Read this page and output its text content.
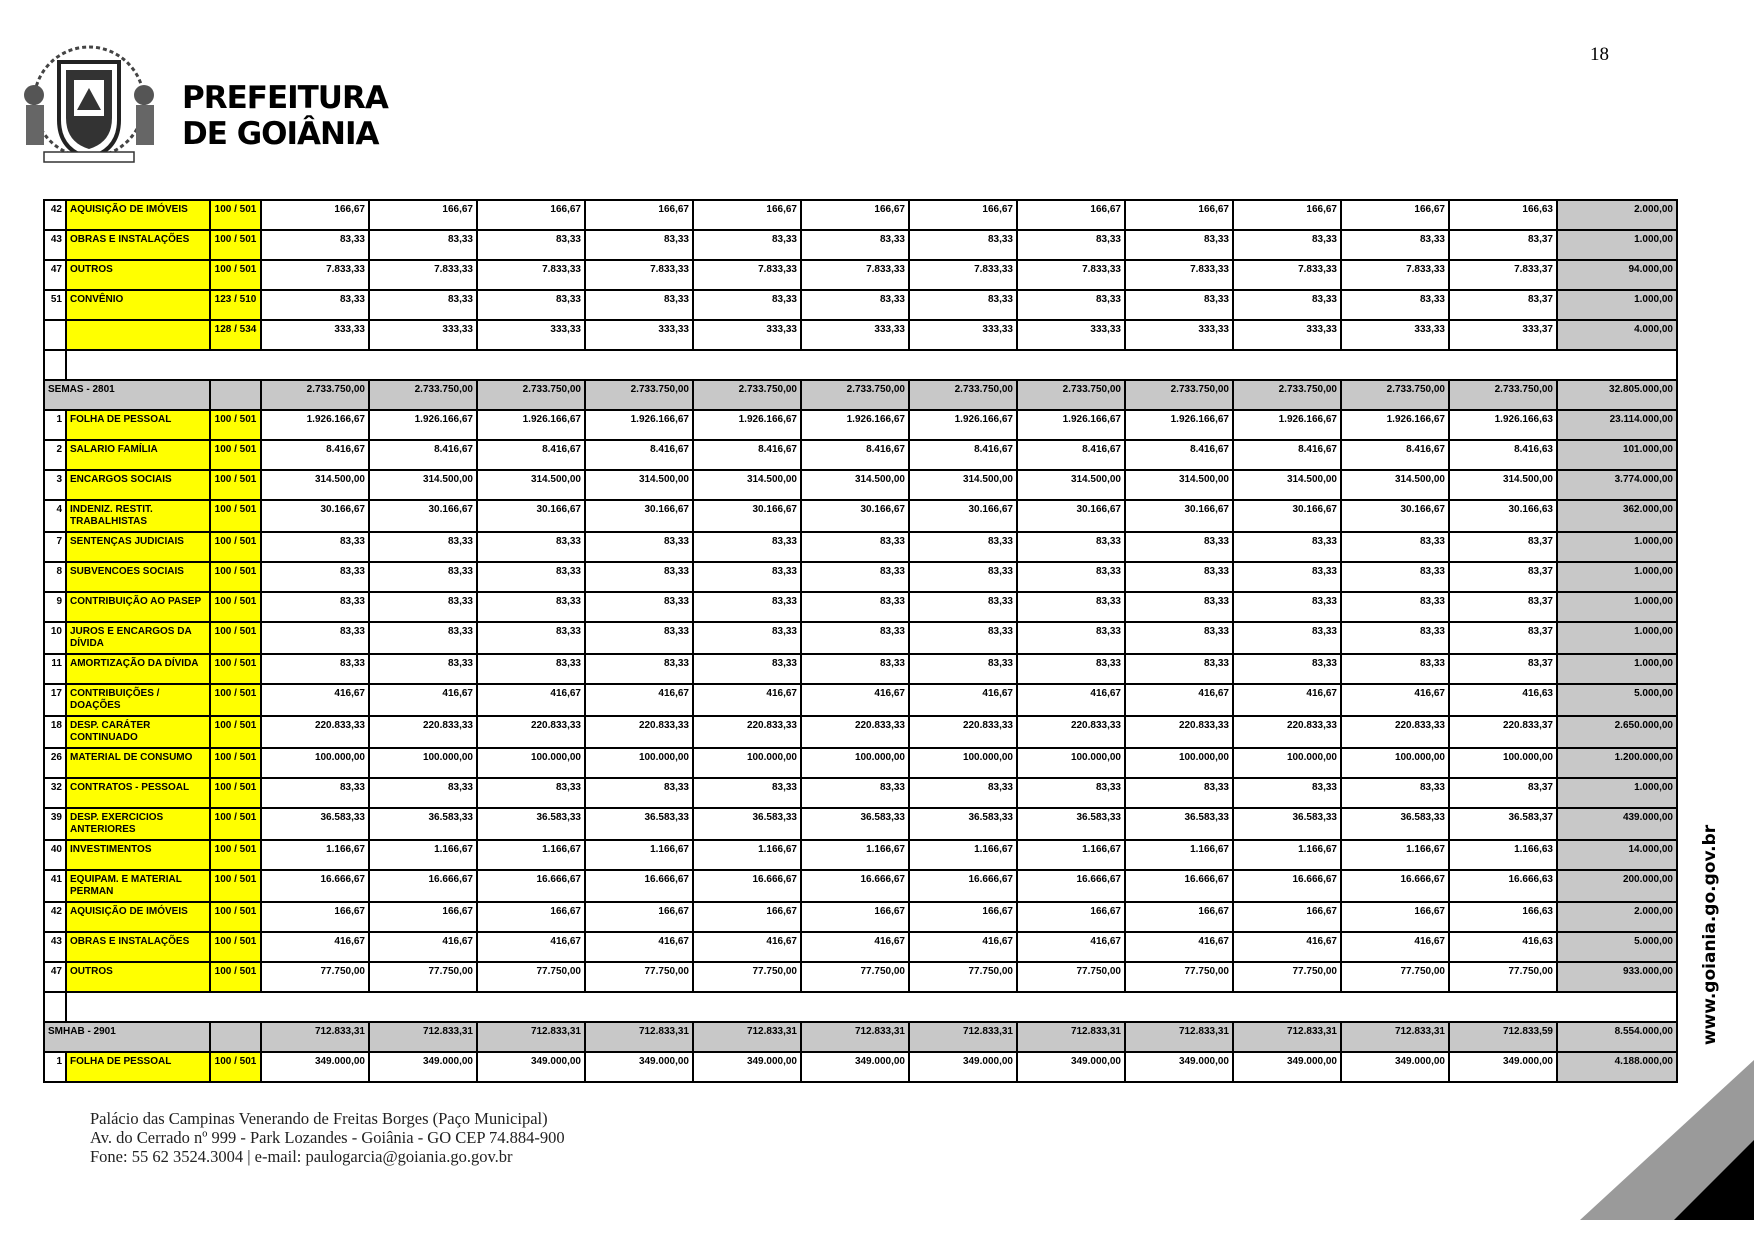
18
PREFEITURA
DE GOIÂNIA
42	AQUISIÇÃO DE IMÓVEIS	100 / 501	166,67	166,67	166,67	166,67	166,67	166,67	166,67	166,67	166,67	166,67	166,67	166,63	2.000,00
43	OBRAS E INSTALAÇÕES	100 / 501	83,33	83,33	83,33	83,33	83,33	83,33	83,33	83,33	83,33	83,33	83,33	83,37	1.000,00
47	OUTROS	100 / 501	7.833,33	7.833,33	7.833,33	7.833,33	7.833,33	7.833,33	7.833,33	7.833,33	7.833,33	7.833,33	7.833,33	7.833,37	94.000,00
51	CONVÊNIO	123 / 510	83,33	83,33	83,33	83,33	83,33	83,33	83,33	83,33	83,33	83,33	83,33	83,37	1.000,00
		128 / 534	333,33	333,33	333,33	333,33	333,33	333,33	333,33	333,33	333,33	333,33	333,33	333,37	4.000,00

SEMAS - 2801			2.733.750,00	2.733.750,00	2.733.750,00	2.733.750,00	2.733.750,00	2.733.750,00	2.733.750,00	2.733.750,00	2.733.750,00	2.733.750,00	2.733.750,00	2.733.750,00	32.805.000,00
1	FOLHA DE PESSOAL	100 / 501	1.926.166,67	1.926.166,67	1.926.166,67	1.926.166,67	1.926.166,67	1.926.166,67	1.926.166,67	1.926.166,67	1.926.166,67	1.926.166,67	1.926.166,67	1.926.166,63	23.114.000,00
2	SALARIO FAMÍLIA	100 / 501	8.416,67	8.416,67	8.416,67	8.416,67	8.416,67	8.416,67	8.416,67	8.416,67	8.416,67	8.416,67	8.416,67	8.416,63	101.000,00
3	ENCARGOS SOCIAIS	100 / 501	314.500,00	314.500,00	314.500,00	314.500,00	314.500,00	314.500,00	314.500,00	314.500,00	314.500,00	314.500,00	314.500,00	314.500,00	3.774.000,00
4	INDENIZ. RESTIT. TRABALHISTAS	100 / 501	30.166,67	30.166,67	30.166,67	30.166,67	30.166,67	30.166,67	30.166,67	30.166,67	30.166,67	30.166,67	30.166,67	30.166,63	362.000,00
7	SENTENÇAS JUDICIAIS	100 / 501	83,33	83,33	83,33	83,33	83,33	83,33	83,33	83,33	83,33	83,33	83,33	83,37	1.000,00
8	SUBVENCOES SOCIAIS	100 / 501	83,33	83,33	83,33	83,33	83,33	83,33	83,33	83,33	83,33	83,33	83,33	83,37	1.000,00
9	CONTRIBUIÇÃO AO PASEP	100 / 501	83,33	83,33	83,33	83,33	83,33	83,33	83,33	83,33	83,33	83,33	83,33	83,37	1.000,00
10	JUROS E ENCARGOS DA DÍVIDA	100 / 501	83,33	83,33	83,33	83,33	83,33	83,33	83,33	83,33	83,33	83,33	83,33	83,37	1.000,00
11	AMORTIZAÇÃO DA DÍVIDA	100 / 501	83,33	83,33	83,33	83,33	83,33	83,33	83,33	83,33	83,33	83,33	83,33	83,37	1.000,00
17	CONTRIBUIÇÕES / DOAÇÕES	100 / 501	416,67	416,67	416,67	416,67	416,67	416,67	416,67	416,67	416,67	416,67	416,67	416,63	5.000,00
18	DESP. CARÁTER CONTINUADO	100 / 501	220.833,33	220.833,33	220.833,33	220.833,33	220.833,33	220.833,33	220.833,33	220.833,33	220.833,33	220.833,33	220.833,33	220.833,37	2.650.000,00
26	MATERIAL DE CONSUMO	100 / 501	100.000,00	100.000,00	100.000,00	100.000,00	100.000,00	100.000,00	100.000,00	100.000,00	100.000,00	100.000,00	100.000,00	100.000,00	1.200.000,00
32	CONTRATOS - PESSOAL	100 / 501	83,33	83,33	83,33	83,33	83,33	83,33	83,33	83,33	83,33	83,33	83,33	83,37	1.000,00
39	DESP. EXERCICIOS ANTERIORES	100 / 501	36.583,33	36.583,33	36.583,33	36.583,33	36.583,33	36.583,33	36.583,33	36.583,33	36.583,33	36.583,33	36.583,33	36.583,37	439.000,00
40	INVESTIMENTOS	100 / 501	1.166,67	1.166,67	1.166,67	1.166,67	1.166,67	1.166,67	1.166,67	1.166,67	1.166,67	1.166,67	1.166,67	1.166,63	14.000,00
41	EQUIPAM. E MATERIAL PERMAN	100 / 501	16.666,67	16.666,67	16.666,67	16.666,67	16.666,67	16.666,67	16.666,67	16.666,67	16.666,67	16.666,67	16.666,67	16.666,63	200.000,00
42	AQUISIÇÃO DE IMÓVEIS	100 / 501	166,67	166,67	166,67	166,67	166,67	166,67	166,67	166,67	166,67	166,67	166,67	166,63	2.000,00
43	OBRAS E INSTALAÇÕES	100 / 501	416,67	416,67	416,67	416,67	416,67	416,67	416,67	416,67	416,67	416,67	416,67	416,63	5.000,00
47	OUTROS	100 / 501	77.750,00	77.750,00	77.750,00	77.750,00	77.750,00	77.750,00	77.750,00	77.750,00	77.750,00	77.750,00	77.750,00	77.750,00	933.000,00

SMHAB - 2901			712.833,31	712.833,31	712.833,31	712.833,31	712.833,31	712.833,31	712.833,31	712.833,31	712.833,31	712.833,31	712.833,31	712.833,59	8.554.000,00
1	FOLHA DE PESSOAL	100 / 501	349.000,00	349.000,00	349.000,00	349.000,00	349.000,00	349.000,00	349.000,00	349.000,00	349.000,00	349.000,00	349.000,00	349.000,00	4.188.000,00
www.goiania.go.gov.br
Palácio das Campinas Venerando de Freitas Borges (Paço Municipal)
Av. do Cerrado nº 999 - Park Lozandes - Goiânia - GO CEP 74.884-900
Fone: 55 62 3524.3004 | e-mail: paulogarcia@goiania.go.gov.br
